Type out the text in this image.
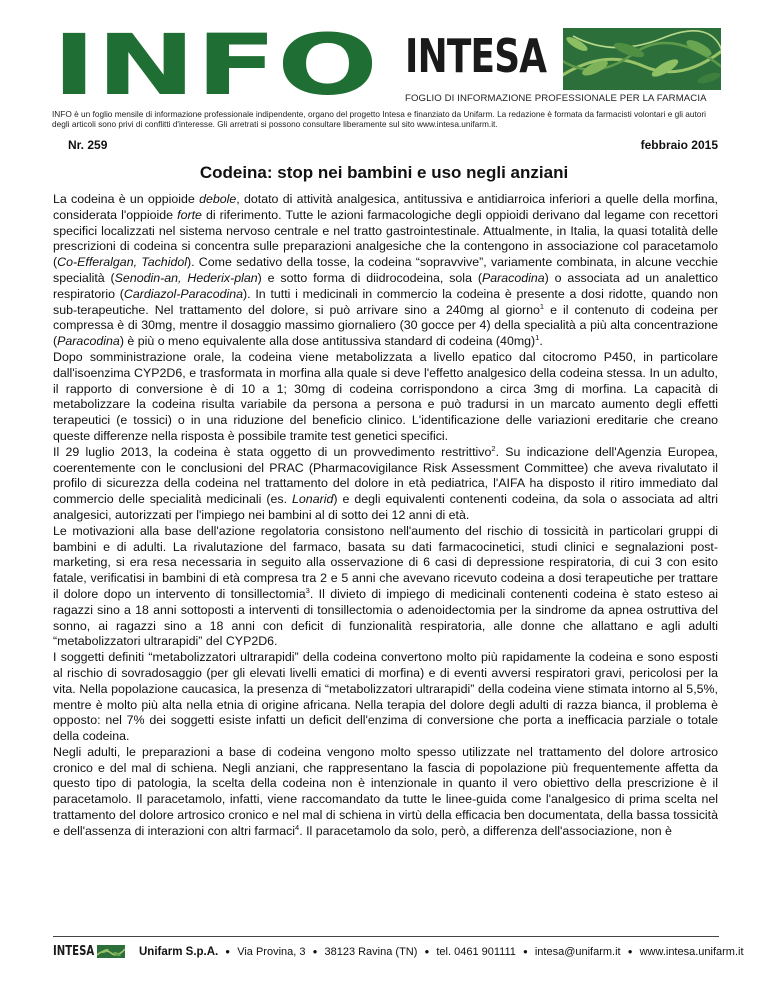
INFO INTESA
FOGLIO DI INFORMAZIONE PROFESSIONALE PER LA FARMACIA
INFO è un foglio mensile di informazione professionale indipendente, organo del progetto Intesa e finanziato da Unifarm. La redazione è formata da farmacisti volontari e gli autori degli articoli sono privi di conflitti d'interesse. Gli arretrati si possono consultare liberamente sul sito www.intesa.unifarm.it.
Nr. 259	febbraio 2015
Codeina: stop nei bambini e uso negli anziani

La codeina è un oppioide debole, dotato di attività analgesica, antitussiva e antidiarroica inferiori a quelle della morfina, considerata l'oppioide forte di riferimento. Tutte le azioni farmacologiche degli oppioidi derivano dal legame con recettori specifici localizzati nel sistema nervoso centrale e nel tratto gastrointestinale. Attualmente, in Italia, la quasi totalità delle prescrizioni di codeina si concentra sulle preparazioni analgesiche che la contengono in associazione col paracetamolo (Co-Efferalgan, Tachidol). Come sedativo della tosse, la codeina “sopravvive”, variamente combinata, in alcune vecchie specialità (Senodin-an, Hederix-plan) e sotto forma di diidrocodeina, sola (Paracodina) o associata ad un analettico respiratorio (Cardiazol-Paracodina). In tutti i medicinali in commercio la codeina è presente a dosi ridotte, quando non sub-terapeutiche. Nel trattamento del dolore, si può arrivare sino a 240mg al giorno$^1$ e il contenuto di codeina per compressa è di 30mg, mentre il dosaggio massimo giornaliero (30 gocce per 4) della specialità a più alta concentrazione (Paracodina) è più o meno equivalente alla dose antitussiva standard di codeina $(40mg)^1$.

Dopo somministrazione orale, la codeina viene metabolizzata a livello epatico dal citocromo P450, in particolare dall'isoenzima CYP2D6, e trasformata in morfina alla quale si deve l'effetto analgesico della codeina stessa. In un adulto, il rapporto di conversione è di 10 a 1; 30mg di codeina corrispondono a circa 3mg di morfina. La capacità di metabolizzare la codeina risulta variabile da persona a persona e può tradursi in un marcato aumento degli effetti terapeutici (e tossici) o in una riduzione del beneficio clinico. L'identificazione delle variazioni ereditarie che creano queste differenze nella risposta è possibile tramite test genetici specifici.

Il 29 luglio 2013, la codeina è stata oggetto di un provvedimento restrittivo$^2$. Su indicazione dell'Agenzia Europea, coerentemente con le conclusioni del PRAC (Pharmacovigilance Risk Assessment Committee) che aveva rivalutato il profilo di sicurezza della codeina nel trattamento del dolore in età pediatrica, l'AIFA ha disposto il ritiro immediato dal commercio delle specialità medicinali (es. Lonarid) e degli equivalenti contenenti codeina, da sola o associata ad altri analgesici, autorizzati per l'impiego nei bambini al di sotto dei 12 anni di età.

Le motivazioni alla base dell'azione regolatoria consistono nell'aumento del rischio di tossicità in particolari gruppi di bambini e di adulti. La rivalutazione del farmaco, basata su dati farmacocinetici, studi clinici e segnalazioni post-marketing, si era resa necessaria in seguito alla osservazione di 6 casi di depressione respiratoria, di cui 3 con esito fatale, verificatisi in bambini di età compresa tra 2 e 5 anni che avevano ricevuto codeina a dosi terapeutiche per trattare il dolore dopo un intervento di tonsillectomia$^3$. Il divieto di impiego di medicinali contenenti codeina è stato esteso ai ragazzi sino a 18 anni sottoposti a interventi di tonsillectomia o adenoidectomia per la sindrome da apnea ostruttiva del sonno, ai ragazzi sino a 18 anni con deficit di funzionalità respiratoria, alle donne che allattano e agli adulti “metabolizzatori ultrarapidi” del CYP2D6.

I soggetti definiti “metabolizzatori ultrarapidi” della codeina convertono molto più rapidamente la codeina e sono esposti al rischio di sovradosaggio (per gli elevati livelli ematici di morfina) e di eventi avversi respiratori gravi, pericolosi per la vita. Nella popolazione caucasica, la presenza di “metabolizzatori ultrarapidi” della codeina viene stimata intorno al 5,5%, mentre è molto più alta nella etnia di origine africana. Nella terapia del dolore degli adulti di razza bianca, il problema è opposto: nel 7% dei soggetti esiste infatti un deficit dell'enzima di conversione che porta a inefficacia parziale o totale della codeina.

Negli adulti, le preparazioni a base di codeina vengono molto spesso utilizzate nel trattamento del dolore artrosico cronico e del mal di schiena. Negli anziani, che rappresentano la fascia di popolazione più frequentemente affetta da questo tipo di patologia, la scelta della codeina non è intenzionale in quanto il vero obiettivo della prescrizione è il paracetamolo. Il paracetamolo, infatti, viene raccomandato da tutte le linee-guida come l'analgesico di prima scelta nel trattamento del dolore artrosico cronico e nel mal di schiena in virtù della efficacia ben documentata, della bassa tossicità e dell'assenza di interazioni con altri farmaci$^4$. Il paracetamolo da solo, però, a differenza dell'associazione, non è

INTESA	Unifarm S.p.A. ● Via Provina, 3 ● 38123 Ravina (TN) ● tel. 0461 901111 ● intesa@unifarm.it ● www.intesa.unifarm.it
